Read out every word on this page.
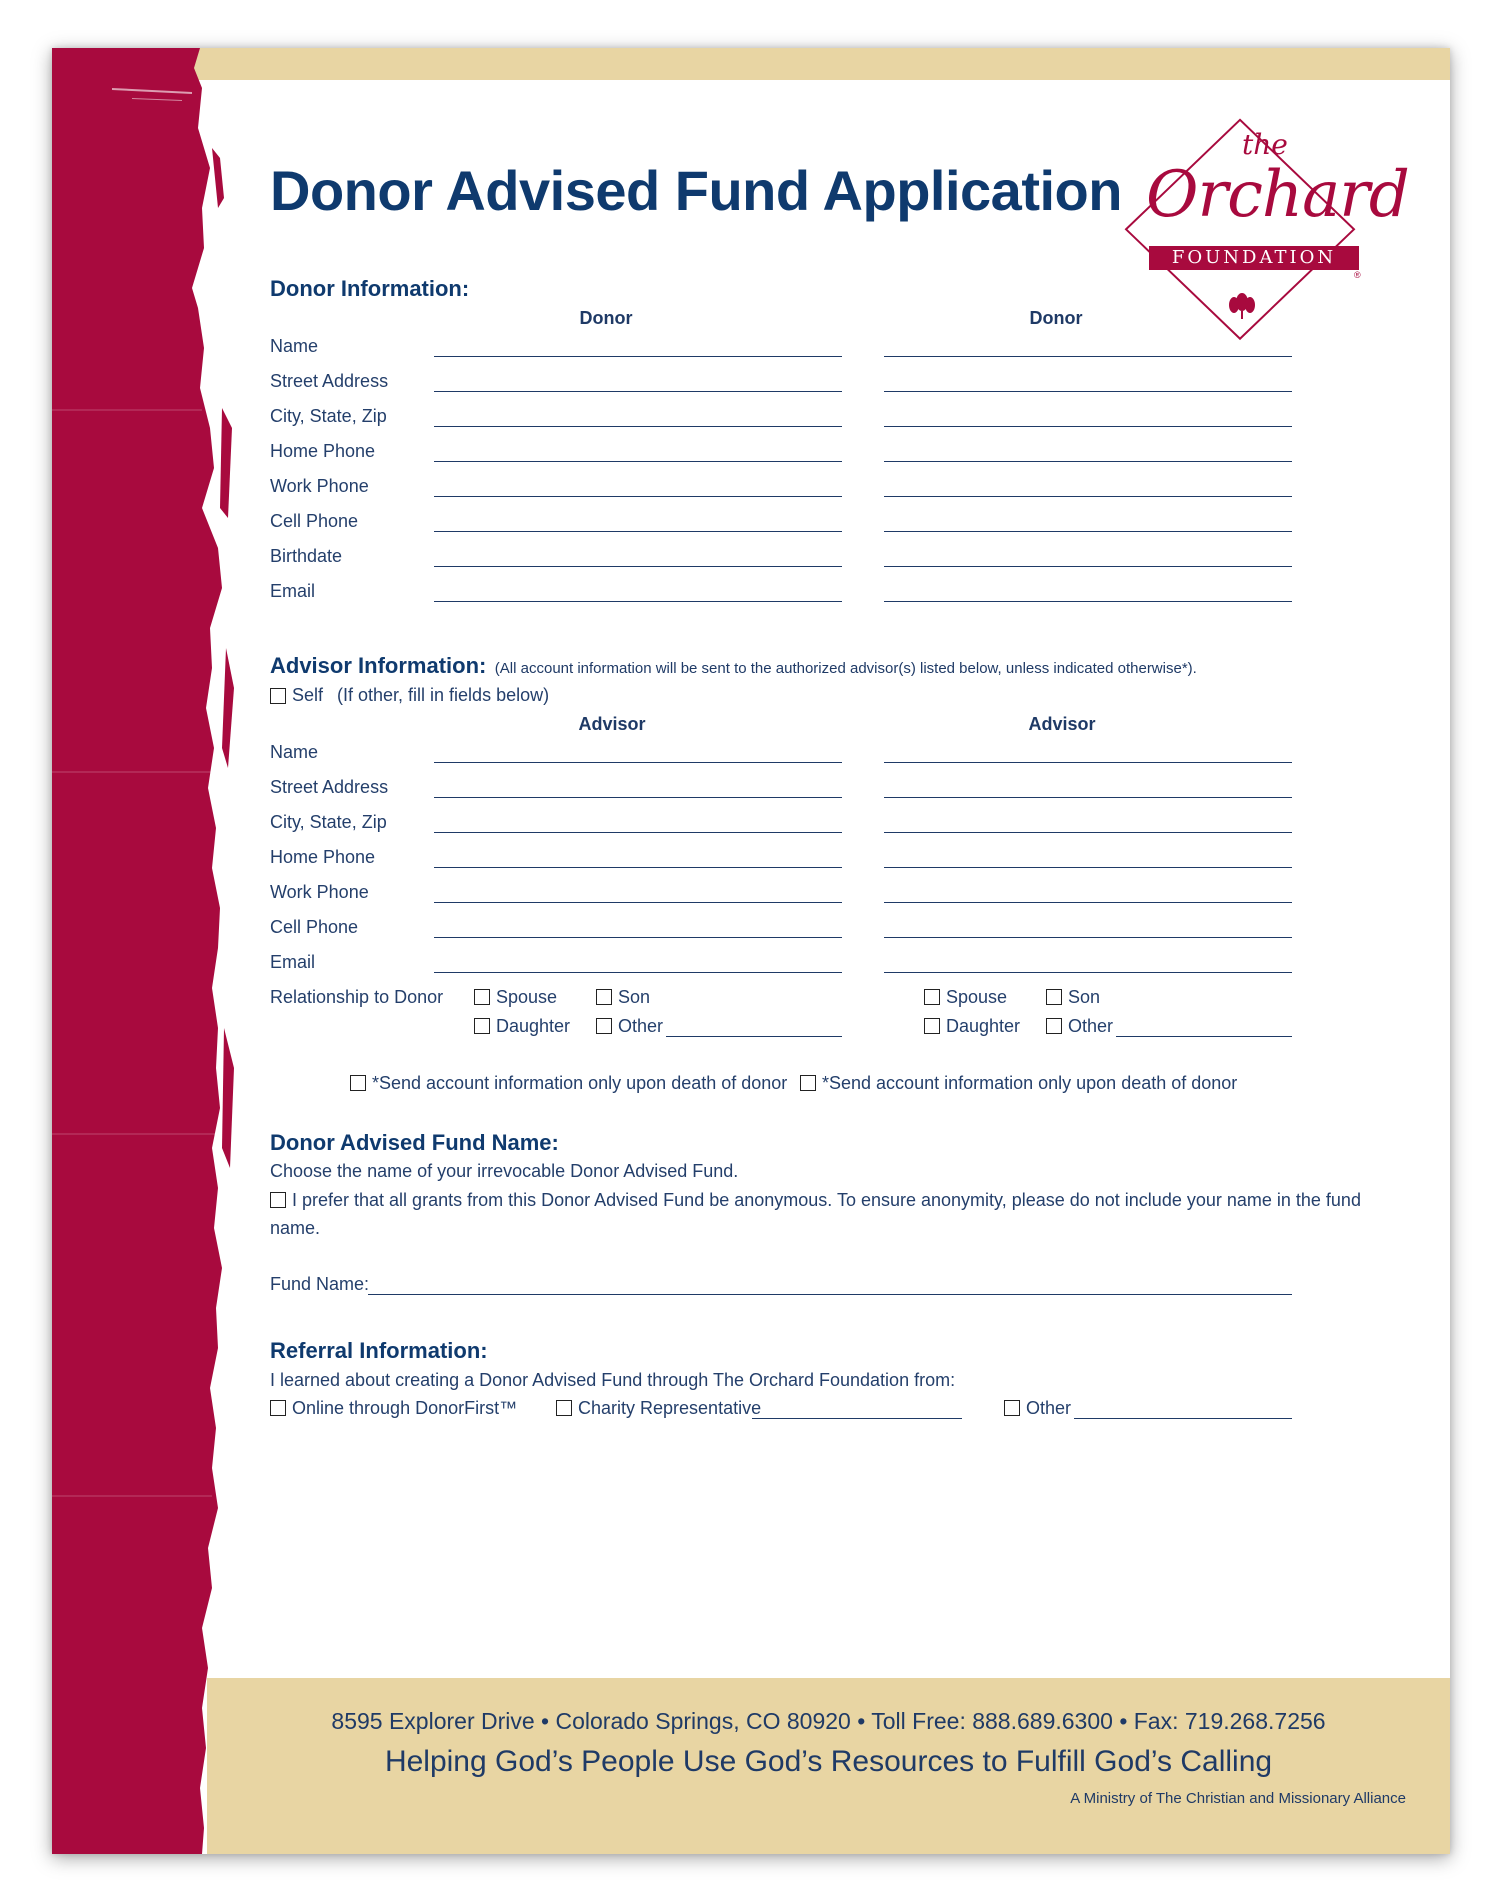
Donor Advised Fund Application
the
Orchard
FOUNDATION
®
Donor Information:
Donor	Donor
Name
Street Address
City, State, Zip
Home Phone
Work Phone
Cell Phone
Birthdate
Email
Advisor Information: (All account information will be sent to the authorized advisor(s) listed below, unless indicated otherwise*).
Self (If other, fill in fields below)
Advisor	Advisor
Name
Street Address
City, State, Zip
Home Phone
Work Phone
Cell Phone
Email
Relationship to Donor	Spouse	Son
Daughter	Other
Spouse	Son
Daughter	Other
*Send account information only upon death of donor *Send account information only upon death of donor
Donor Advised Fund Name:
Choose the name of your irrevocable Donor Advised Fund.
I prefer that all grants from this Donor Advised Fund be anonymous. To ensure anonymity, please do not include your name in the fund
name.
Fund Name:
Referral Information:
I learned about creating a Donor Advised Fund through The Orchard Foundation from:
Online through DonorFirst™	Charity Representative	Other
8595 Explorer Drive • Colorado Springs, CO 80920 • Toll Free: 888.689.6300 • Fax: 719.268.7256
Helping God’s People Use God’s Resources to Fulfill God’s Calling
A Ministry of The Christian and Missionary Alliance
